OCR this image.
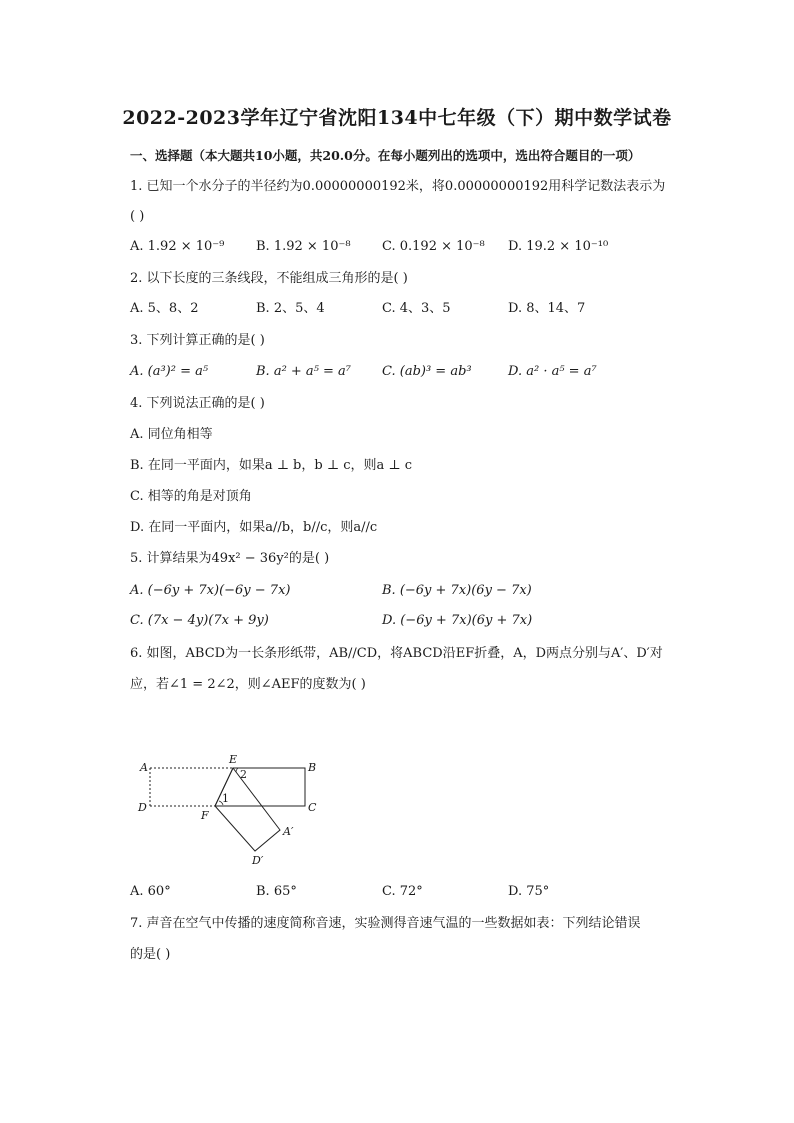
2022-2023学年辽宁省沈阳134中七年级（下）期中数学试卷
一、选择题（本大题共10小题，共20.0分。在每小题列出的选项中，选出符合题目的一项）
1. 已知一个水分子的半径约为0.00000000192米，将0.00000000192用科学记数法表示为
( )
A. 1.92 × 10⁻⁹ B. 1.92 × 10⁻⁸ C. 0.192 × 10⁻⁸ D. 19.2 × 10⁻¹⁰
2. 以下长度的三条线段，不能组成三角形的是( )
A. 5、8、2	B. 2、5、4	C. 4、3、5	D. 8、14、7
3. 下列计算正确的是( )
A. (a³)² = a⁵	B. a² + a⁵ = a⁷ C. (ab)³ = ab³	D. a² · a⁵ = a⁷
4. 下列说法正确的是( )
A. 同位角相等
B. 在同一平面内，如果a ⊥ b，b ⊥ c，则a ⊥ c
C. 相等的角是对顶角
D. 在同一平面内，如果a//b，b//c，则a//c
5. 计算结果为49x² − 36y²的是( )
A. (−6y + 7x)(−6y − 7x)	B. (−6y + 7x)(6y − 7x)
C. (7x − 4y)(7x + 9y)	D. (−6y + 7x)(6y + 7x)
6. 如图，ABCD为一长条形纸带，AB//CD，将ABCD沿EF折叠，A，D两点分别与A′、D′对
应，若∠1 = 2∠2，则∠AEF的度数为( )
A
E
2
B
D
1
C
F
A′
D′
A. 60°	B. 65°	C. 72°	D. 75°
7. 声音在空气中传播的速度简称音速，实验测得音速气温的一些数据如表：下列结论错误
的是( )
